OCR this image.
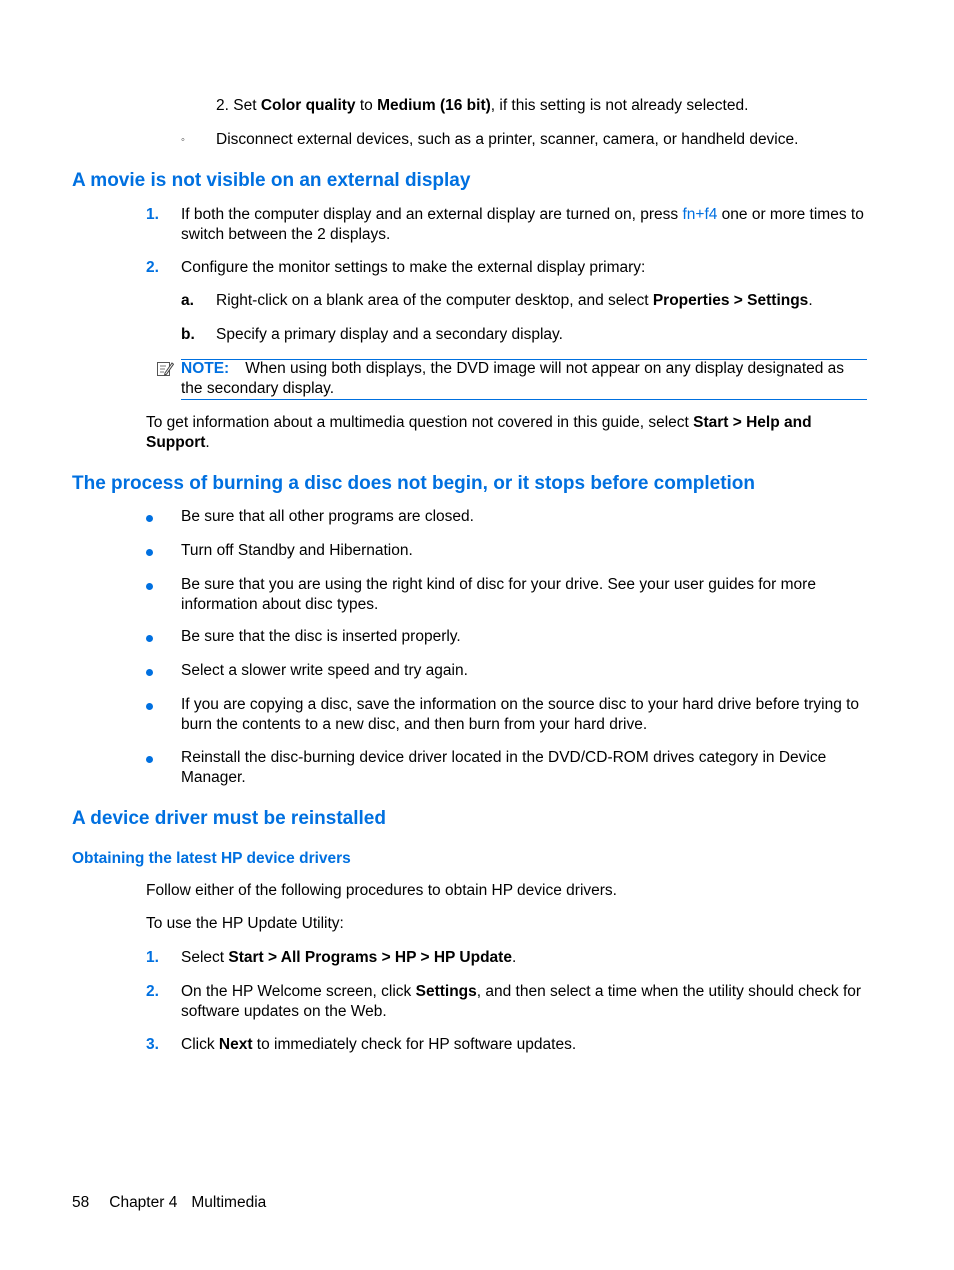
2. Set Color quality to Medium (16 bit), if this setting is not already selected.
◦ Disconnect external devices, such as a printer, scanner, camera, or handheld device.
A movie is not visible on an external display
1. If both the computer display and an external display are turned on, press fn+f4 one or more times to switch between the 2 displays.
2. Configure the monitor settings to make the external display primary:
a. Right-click on a blank area of the computer desktop, and select Properties > Settings.
b. Specify a primary display and a secondary display.
NOTE: When using both displays, the DVD image will not appear on any display designated as the secondary display.
To get information about a multimedia question not covered in this guide, select Start > Help and Support.
The process of burning a disc does not begin, or it stops before completion
Be sure that all other programs are closed.
Turn off Standby and Hibernation.
Be sure that you are using the right kind of disc for your drive. See your user guides for more information about disc types.
Be sure that the disc is inserted properly.
Select a slower write speed and try again.
If you are copying a disc, save the information on the source disc to your hard drive before trying to burn the contents to a new disc, and then burn from your hard drive.
Reinstall the disc-burning device driver located in the DVD/CD-ROM drives category in Device Manager.
A device driver must be reinstalled
Obtaining the latest HP device drivers
Follow either of the following procedures to obtain HP device drivers.
To use the HP Update Utility:
1. Select Start > All Programs > HP > HP Update.
2. On the HP Welcome screen, click Settings, and then select a time when the utility should check for software updates on the Web.
3. Click Next to immediately check for HP software updates.
58 Chapter 4 Multimedia
